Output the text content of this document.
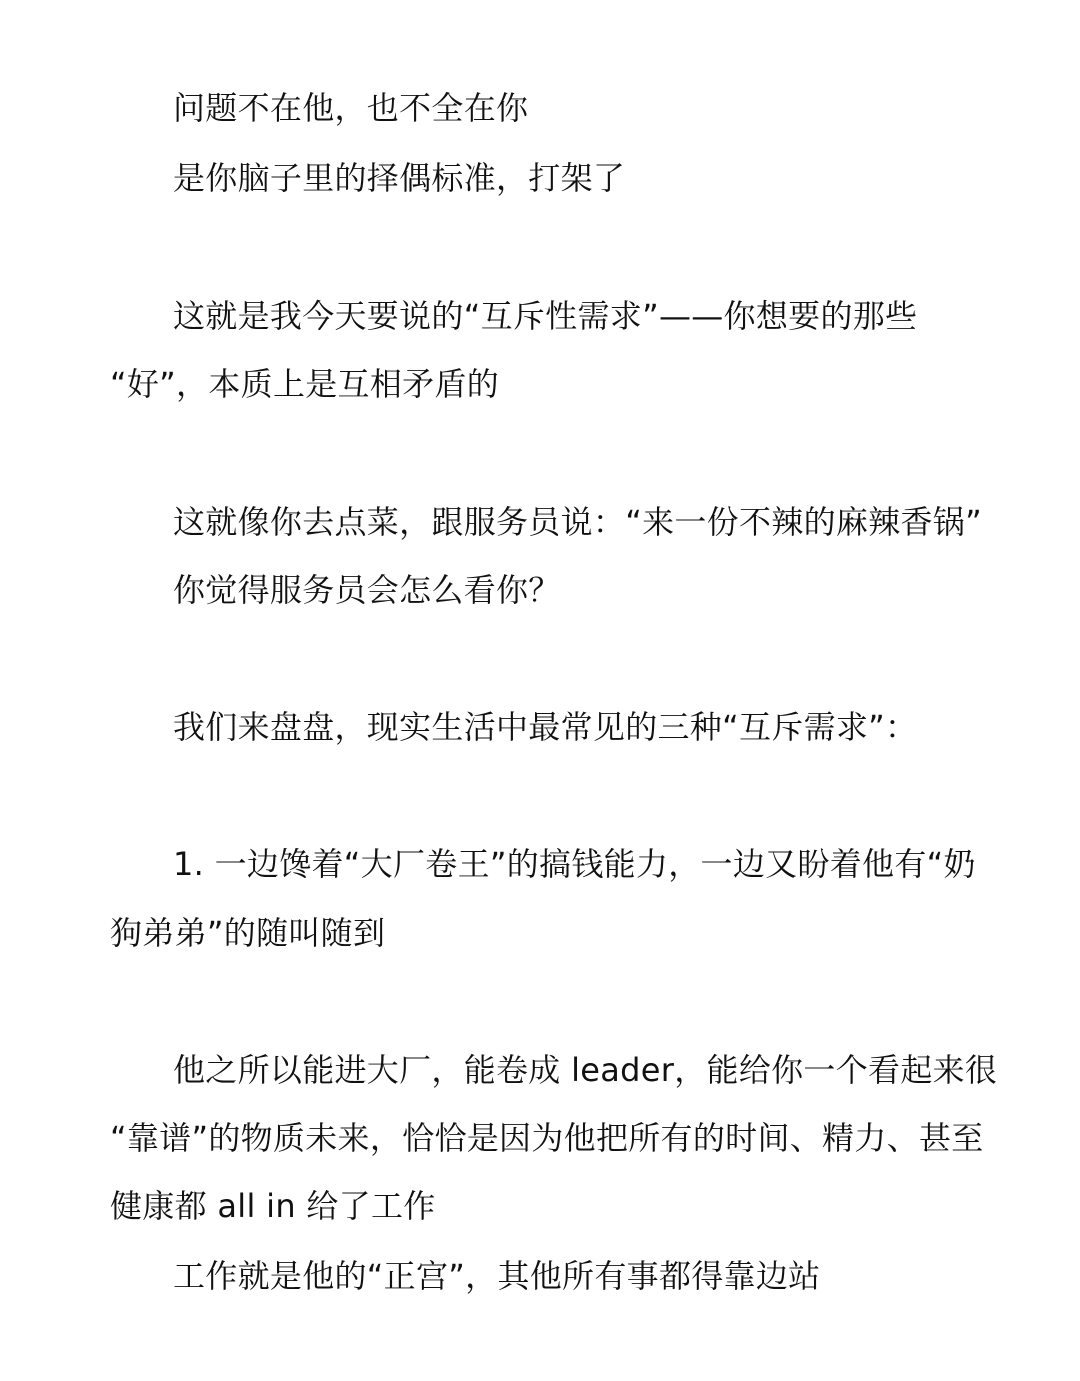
问题不在他，也不全在你

是你脑子里的择偶标准，打架了

这就是我今天要说的“互斥性需求”——你想要的那些

“好”，本质上是互相矛盾的

这就像你去点菜，跟服务员说：“来一份不辣的麻辣香锅”

你觉得服务员会怎么看你？

我们来盘盘，现实生活中最常见的三种“互斥需求”：

1. 一边馋着“大厂卷王”的搞钱能力，一边又盼着他有“奶

狗弟弟”的随叫随到

他之所以能进大厂，能卷成 leader，能给你一个看起来很

“靠谱”的物质未来，恰恰是因为他把所有的时间、精力、甚至

健康都 all in 给了工作

工作就是他的“正宫”，其他所有事都得靠边站
